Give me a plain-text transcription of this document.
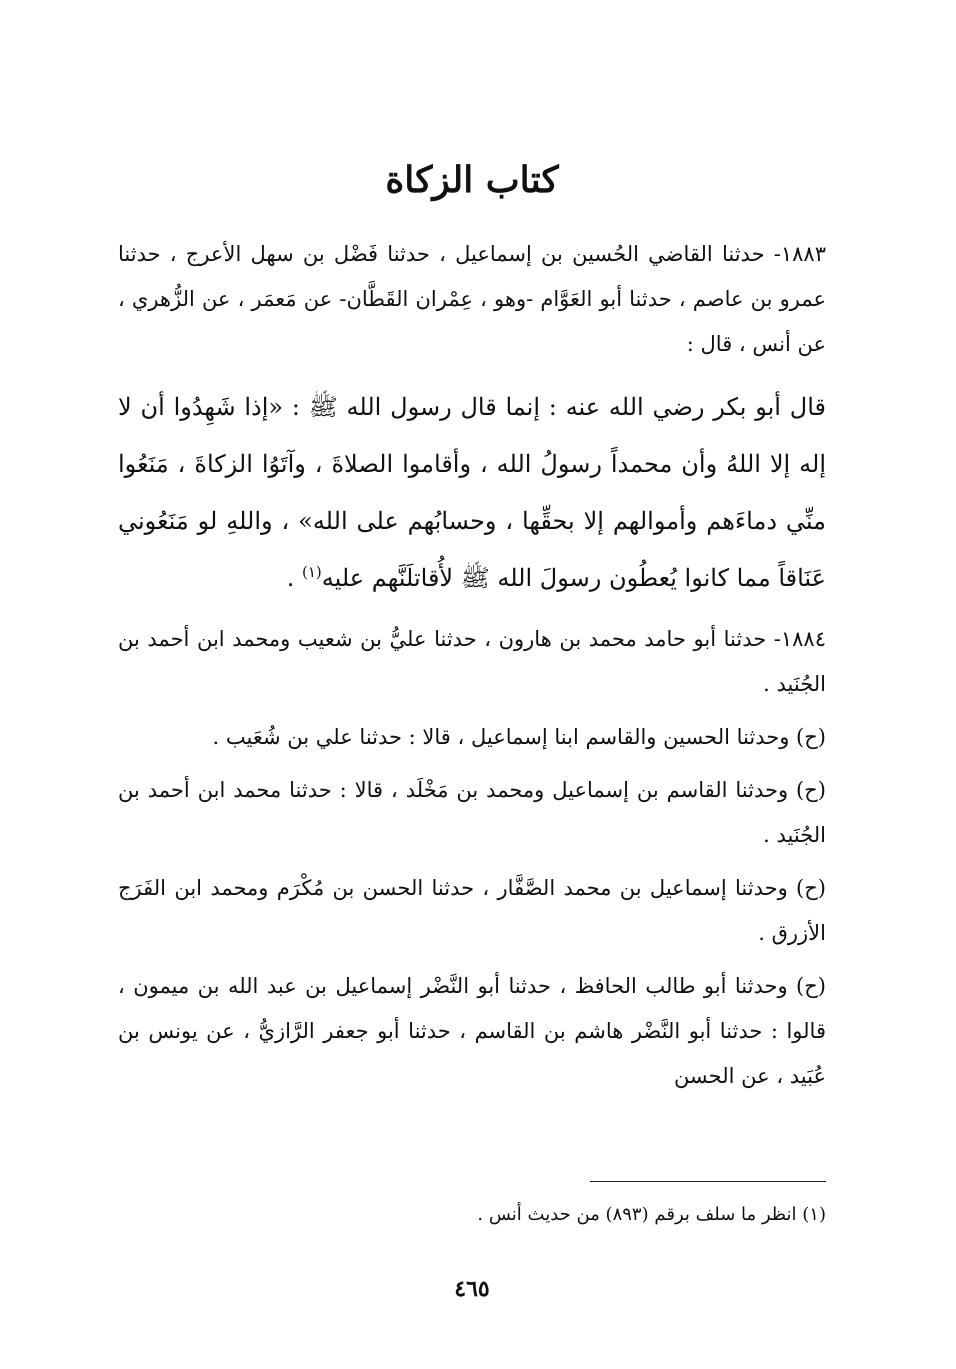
كتاب الزكاة

١٨٨٣- حدثنا القاضي الحُسين بن إسماعيل ، حدثنا فَضْل بن سهل الأعرج ، حدثنا عمرو بن عاصم ، حدثنا أبو العَوَّام -وهو ، عِمْران القَطَّان- عن مَعمَر ، عن الزُّهري ، عن أنس ، قال :

قال أبو بكر رضي الله عنه : إنما قال رسول الله ﷺ : «إذا شَهِدُوا أن لا إله إلا اللهُ وأن محمداً رسولُ الله ، وأقاموا الصلاةَ ، وآتَوُا الزكاةَ ، مَنَعُوا منِّي دماءَهم وأموالهم إلا بحقِّها ، وحسابُهم على الله» ، واللهِ لو مَنَعُوني عَنَاقاً مما كانوا يُعطُون رسولَ الله ﷺ لأُقاتلَنَّهم عليه$^{(١)}$ .

١٨٨٤- حدثنا أبو حامد محمد بن هارون ، حدثنا عليُّ بن شعيب ومحمد ابن أحمد بن الجُنَيد .

(ح) وحدثنا الحسين والقاسم ابنا إسماعيل ، قالا : حدثنا علي بن شُعَيب .

(ح) وحدثنا القاسم بن إسماعيل ومحمد بن مَخْلَد ، قالا : حدثنا محمد ابن أحمد بن الجُنَيد .

(ح) وحدثنا إسماعيل بن محمد الصَّفَّار ، حدثنا الحسن بن مُكْرَم ومحمد ابن الفَرَج الأزرق .

(ح) وحدثنا أبو طالب الحافظ ، حدثنا أبو النَّضْر إسماعيل بن عبد الله بن ميمون ، قالوا : حدثنا أبو النَّضْر هاشم بن القاسم ، حدثنا أبو جعفر الرَّازيُّ ، عن يونس بن عُبَيد ، عن الحسن

(١) انظر ما سلف برقم (٨٩٣) من حديث أنس .
٤٦٥
